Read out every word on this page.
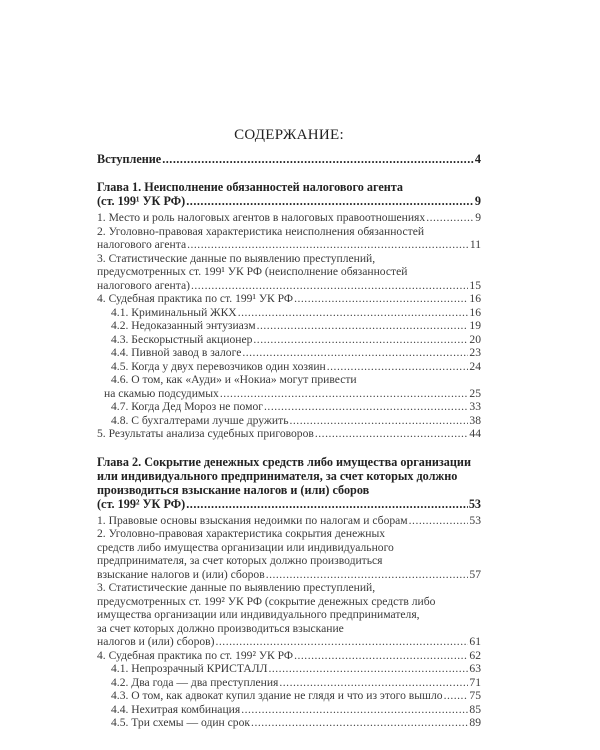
СОДЕРЖАНИЕ:
Вступление .....	4
Глава 1. Неисполнение обязанностей налогового агента
(ст. 199¹ УК РФ) .....	9
1. Место и роль налоговых агентов в налоговых правоотношениях .....	9
2. Уголовно-правовая характеристика неисполнения обязанностей
налогового агента .....	11
3. Статистические данные по выявлению преступлений,
предусмотренных ст. 199¹ УК РФ (неисполнение обязанностей
налогового агента) .....	15
4. Судебная практика по ст. 199¹ УК РФ .....	16
4.1. Криминальный ЖКХ .....	16
4.2. Недоказанный энтузиазм .....	19
4.3. Бескорыстный акционер .....	20
4.4. Пивной завод в залоге .....	23
4.5. Когда у двух перевозчиков один хозяин .....	24
4.6. О том, как «Ауди» и «Нокиа» могут привести
на скамью подсудимых .....	25
4.7. Когда Дед Мороз не помог .....	33
4.8. С бухгалтерами лучше дружить .....	38
5. Результаты анализа судебных приговоров .....	44
Глава 2. Сокрытие денежных средств либо имущества организации
или индивидуального предпринимателя, за счет которых должно
производиться взыскание налогов и (или) сборов
(ст. 199² УК РФ) .....	53
1. Правовые основы взыскания недоимки по налогам и сборам .....	53
2. Уголовно-правовая характеристика сокрытия денежных
средств либо имущества организации или индивидуального
предпринимателя, за счет которых должно производиться
взыскание налогов и (или) сборов .....	57
3. Статистические данные по выявлению преступлений,
предусмотренных ст. 199² УК РФ (сокрытие денежных средств либо
имущества организации или индивидуального предпринимателя,
за счет которых должно производиться взыскание
налогов и (или) сборов) .....	61
4. Судебная практика по ст. 199² УК РФ .....	62
4.1. Непрозрачный КРИСТАЛЛ .....	63
4.2. Два года — два преступления .....	71
4.3. О том, как адвокат купил здание не глядя и что из этого вышло ..... 75
4.4. Нехитрая комбинация .....	85
4.5. Три схемы — один срок .....	89
